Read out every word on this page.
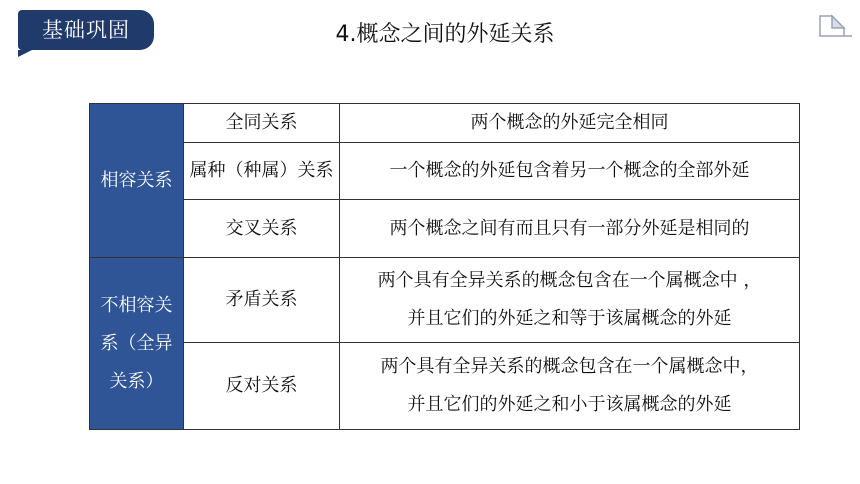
基础巩固	4.概念之间的外延关系
相容关系	全同关系	两个概念的外延完全相同
	属种（种属）关系	一个概念的外延包含着另一个概念的全部外延
	交叉关系	两个概念之间有而且只有一部分外延是相同的
不相容关系（全异关系）	矛盾关系	两个具有全异关系的概念包含在一个属概念中 ，
并且它们的外延之和等于该属概念的外延

	反对关系	两个具有全异关系的概念包含在一个属概念中，
并且它们的外延之和小于该属概念的外延
